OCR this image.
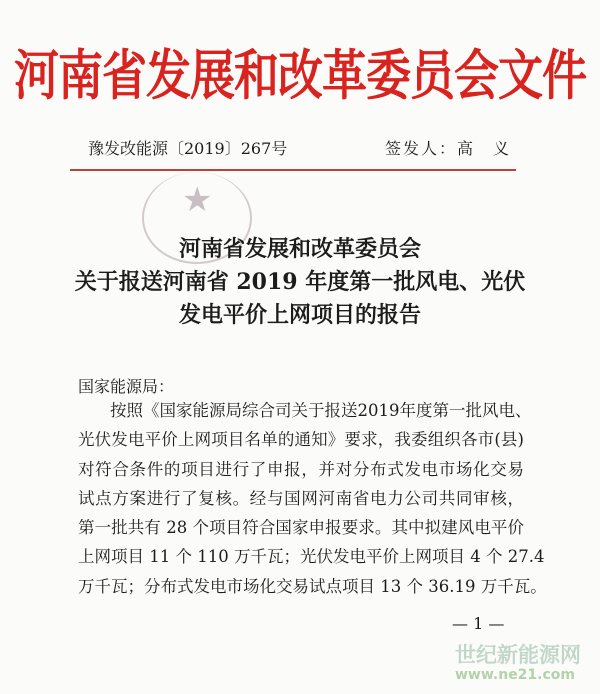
河南省发展和改革委员会文件
豫发改能源〔2019〕267号	签发人：高　义
★
河南省发展和改革委员会
关于报送河南省 2019 年度第一批风电、光伏
发电平价上网项目的报告
国家能源局：
按照《国家能源局综合司关于报送2019年度第一批风电、
光伏发电平价上网项目名单的通知》要求，我委组织各市(县)
对符合条件的项目进行了申报，并对分布式发电市场化交易
试点方案进行了复核。经与国网河南省电力公司共同审核，
第一批共有 28 个项目符合国家申报要求。其中拟建风电平价
上网项目 11 个 110 万千瓦；光伏发电平价上网项目 4 个 27.4
万千瓦；分布式发电市场化交易试点项目 13 个 36.19 万千瓦。
— 1 —
世纪新能源网
www.ne21.com
